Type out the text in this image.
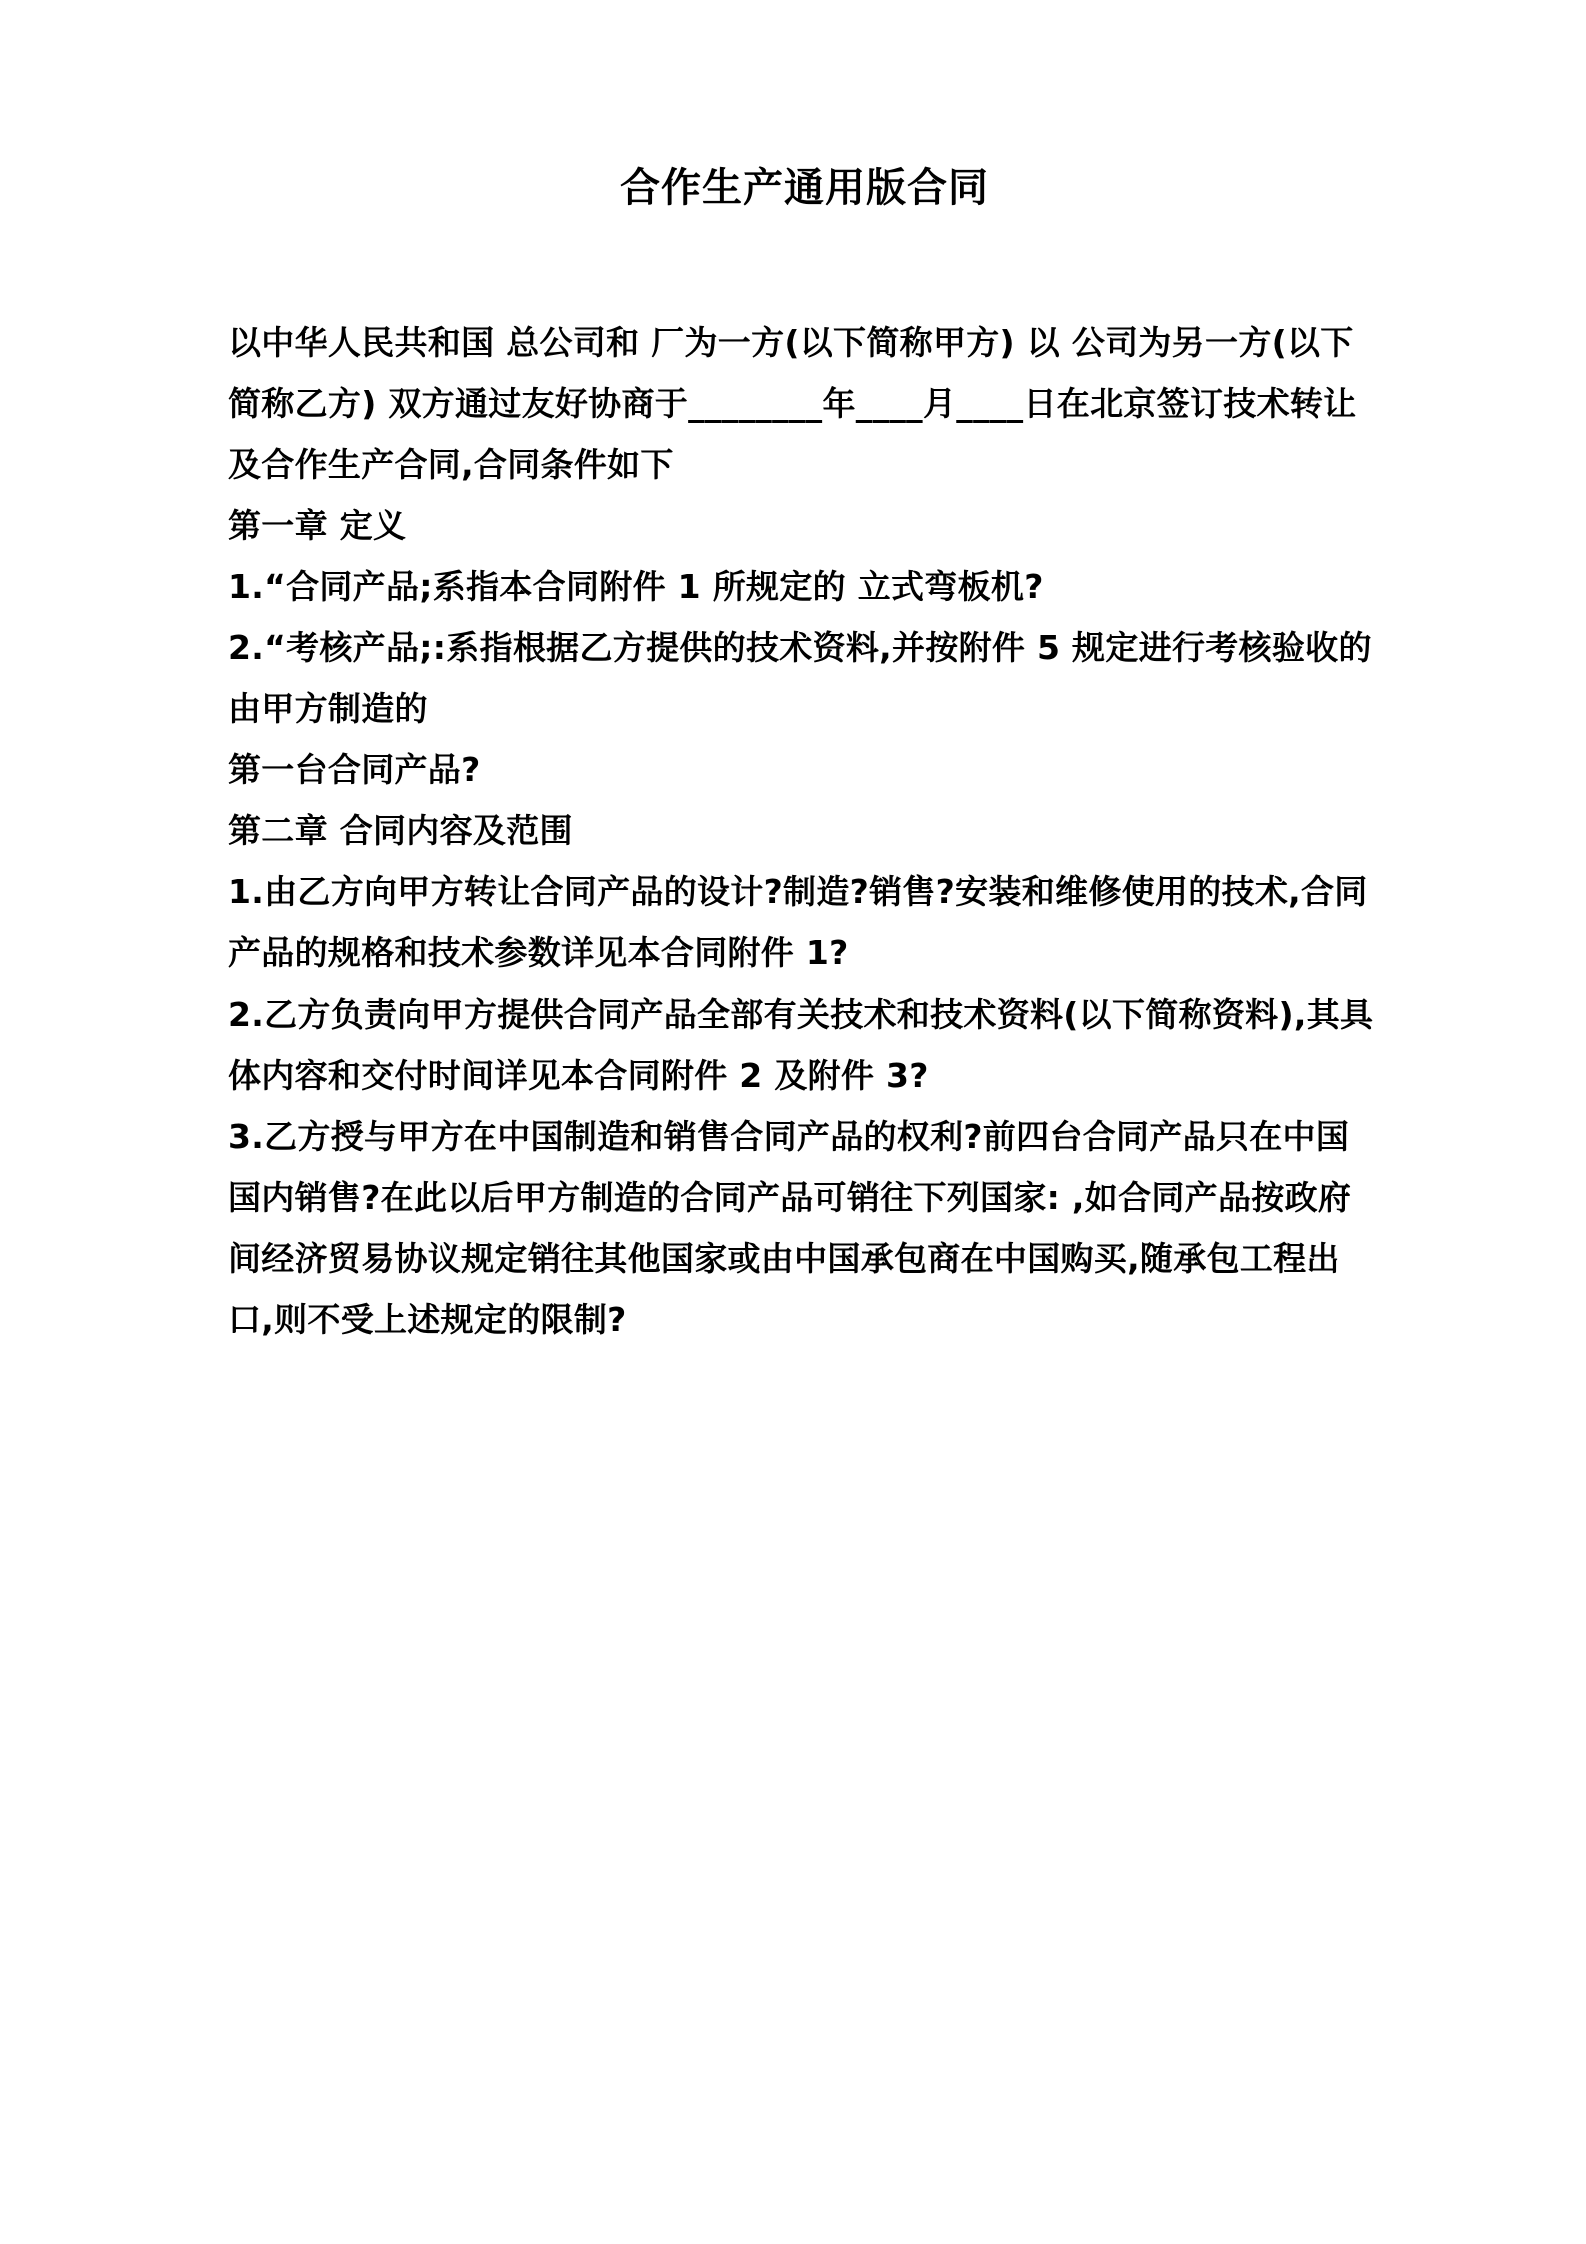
合作生产通用版合同

以中华人民共和国 总公司和 厂为一方(以下简称甲方) 以 公司为另一方(以下简称乙方) 双方通过友好协商于________年____月____日在北京签订技术转让及合作生产合同,合同条件如下

第一章 定义

1.“合同产品;系指本合同附件 1 所规定的 立式弯板机?

2.“考核产品;:系指根据乙方提供的技术资料,并按附件 5 规定进行考核验收的由甲方制造的

第一台合同产品?

第二章 合同内容及范围

1.由乙方向甲方转让合同产品的设计?制造?销售?安装和维修使用的技术,合同产品的规格和技术参数详见本合同附件 1?

2.乙方负责向甲方提供合同产品全部有关技术和技术资料(以下简称资料),其具体内容和交付时间详见本合同附件 2 及附件 3?

3.乙方授与甲方在中国制造和销售合同产品的权利?前四台合同产品只在中国国内销售?在此以后甲方制造的合同产品可销往下列国家: ,如合同产品按政府间经济贸易协议规定销往其他国家或由中国承包商在中国购买,随承包工程出口,则不受上述规定的限制?
